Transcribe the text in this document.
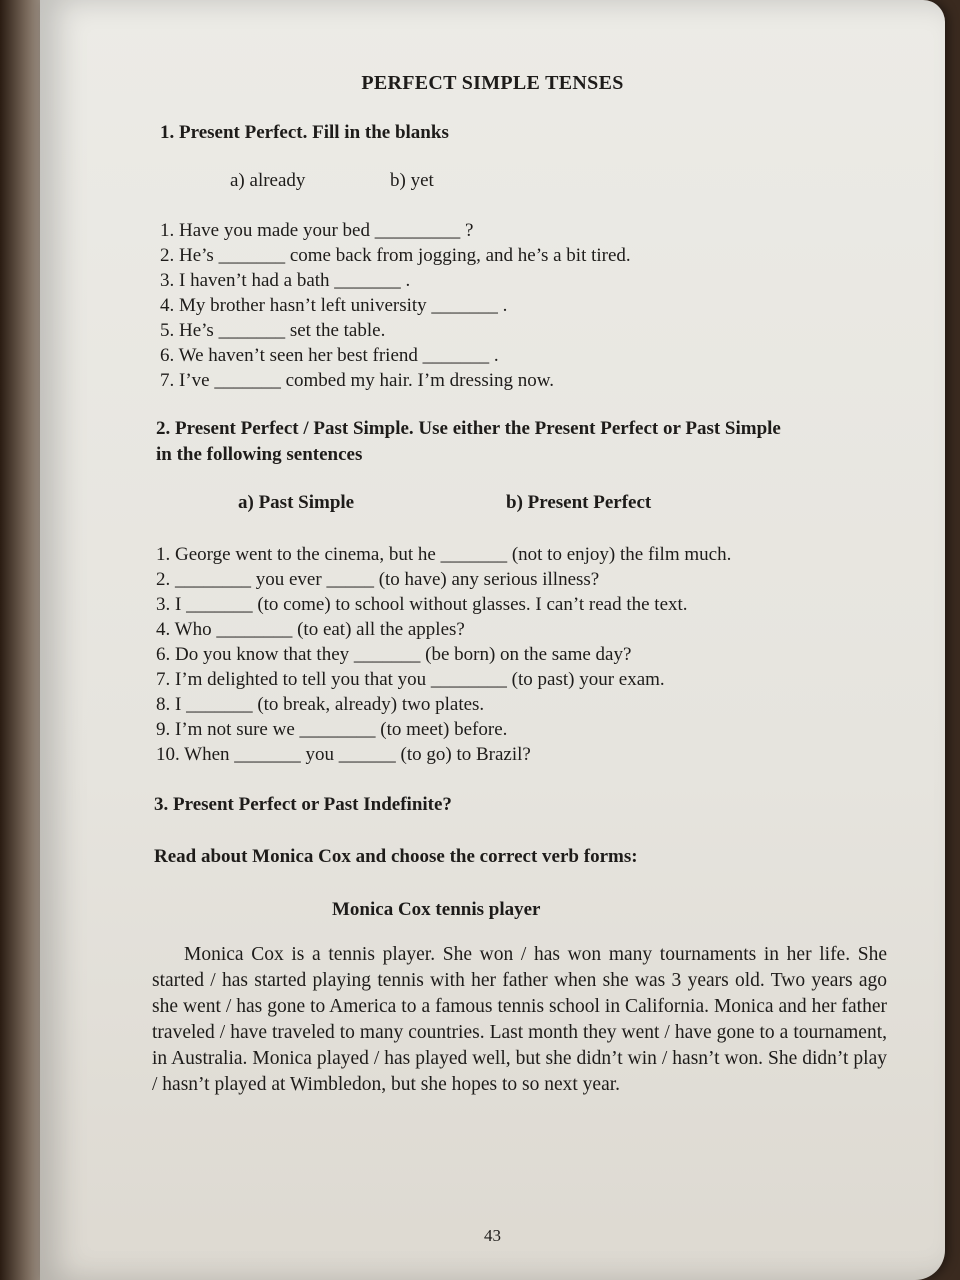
PERFECT SIMPLE TENSES
1. Present Perfect. Fill in the blanks
a) already	b) yet
1. Have you made your bed _________ ?
2. He’s _______ come back from jogging, and he’s a bit tired.
3. I haven’t had a bath _______ .
4. My brother hasn’t left university _______ .
5. He’s _______ set the table.
6. We haven’t seen her best friend _______ .
7. I’ve _______ combed my hair. I’m dressing now.
2. Present Perfect / Past Simple. Use either the Present Perfect or Past Simple
in the following sentences
a) Past Simple	b) Present Perfect
1. George went to the cinema, but he _______ (not to enjoy) the film much.
2. ________ you ever _____ (to have) any serious illness?
3. I _______ (to come) to school without glasses. I can’t read the text.
4. Who ________ (to eat) all the apples?
6. Do you know that they _______ (be born) on the same day?
7. I’m delighted to tell you that you ________ (to past) your exam.
8. I _______ (to break, already) two plates.
9. I’m not sure we ________ (to meet) before.
10. When _______ you ______ (to go) to Brazil?
3. Present Perfect or Past Indefinite?
Read about Monica Cox and choose the correct verb forms:
Monica Cox tennis player
Monica Cox is a tennis player. She won / has won many tournaments in her life. She started / has started playing tennis with her father when she was 3 years old. Two years ago she went / has gone to America to a famous tennis school in California. Monica and her father traveled / have traveled to many countries. Last month they went / have gone to a tournament, in Australia. Monica played / has played well, but she didn’t win / hasn’t won. She didn’t play / hasn’t played at Wimbledon, but she hopes to so next year.
43
